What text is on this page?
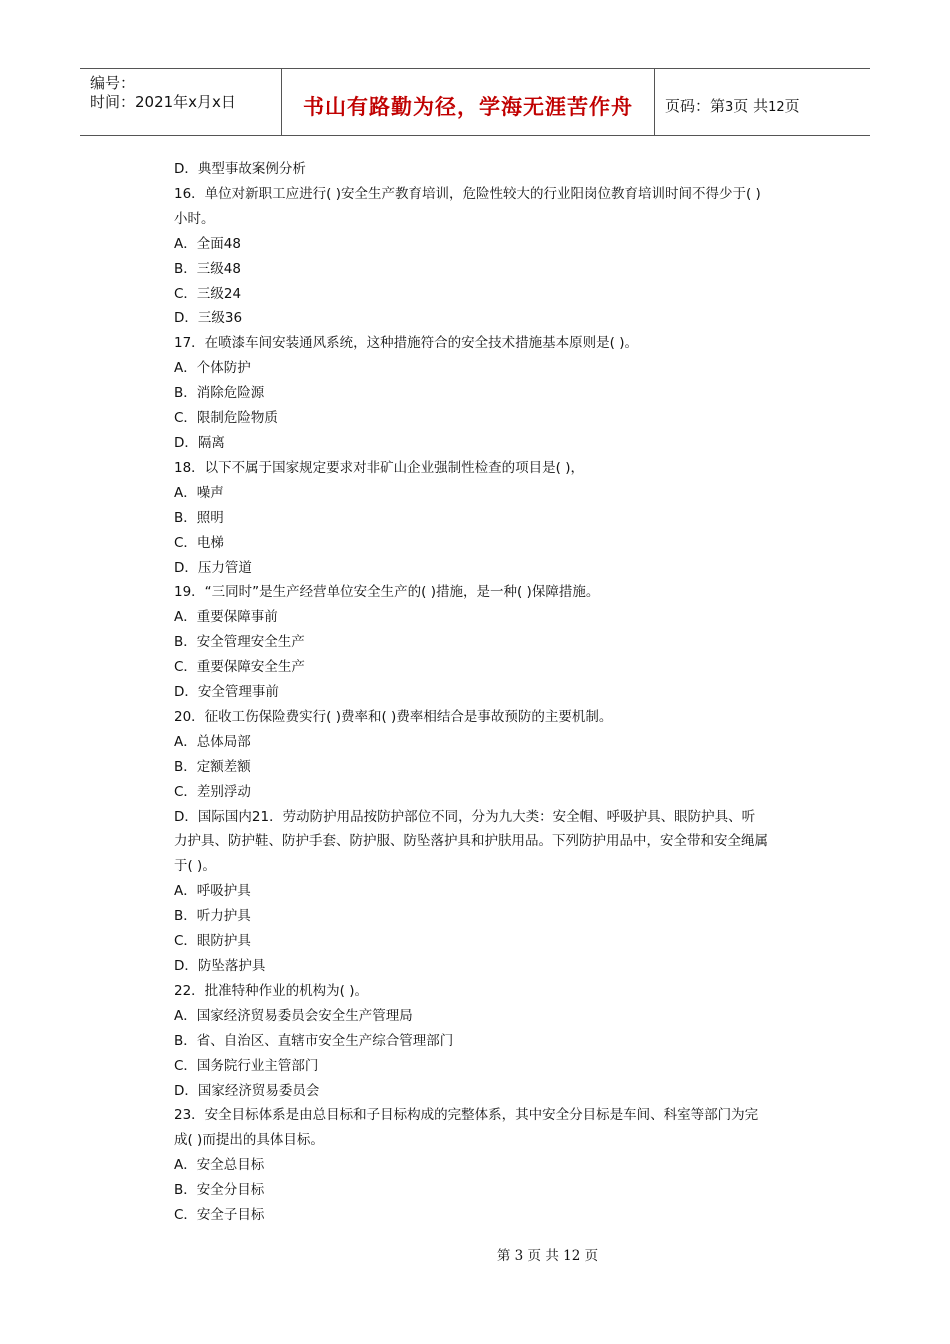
编号：
时间：2021年x月x日	书山有路勤为径，学海无涯苦作舟	页码：第3页 共12页
D．典型事故案例分析
16．单位对新职工应进行( )安全生产教育培训，危险性较大的行业阳岗位教育培训时间不得少于( )
小时。
A．全面48
B．三级48
C．三级24
D．三级36
17．在喷漆车间安装通风系统，这种措施符合的安全技术措施基本原则是( )。
A．个体防护
B．消除危险源
C．限制危险物质
D．隔离
18．以下不属于国家规定要求对非矿山企业强制性检查的项目是( )，
A．噪声
B．照明
C．电梯
D．压力管道
19．“三同时”是生产经营单位安全生产的( )措施，是一种( )保障措施。
A．重要保障事前
B．安全管理安全生产
C．重要保障安全生产
D．安全管理事前
20．征收工伤保险费实行( )费率和( )费率相结合是事故预防的主要机制。
A．总体局部
B．定额差额
C．差别浮动
D．国际国内21．劳动防护用品按防护部位不同，分为九大类：安全帽、呼吸护具、眼防护具、听
力护具、防护鞋、防护手套、防护服、防坠落护具和护肤用品。下列防护用品中，安全带和安全绳属
于( )。
A．呼吸护具
B．听力护具
C．眼防护具
D．防坠落护具
22．批准特种作业的机构为( )。
A．国家经济贸易委员会安全生产管理局
B．省、自治区、直辖市安全生产综合管理部门
C．国务院行业主管部门
D．国家经济贸易委员会
23．安全目标体系是由总目标和子目标构成的完整体系，其中安全分目标是车间、科室等部门为完
成( )而提出的具体目标。
A．安全总目标
B．安全分目标
C．安全子目标
第 3 页 共 12 页
